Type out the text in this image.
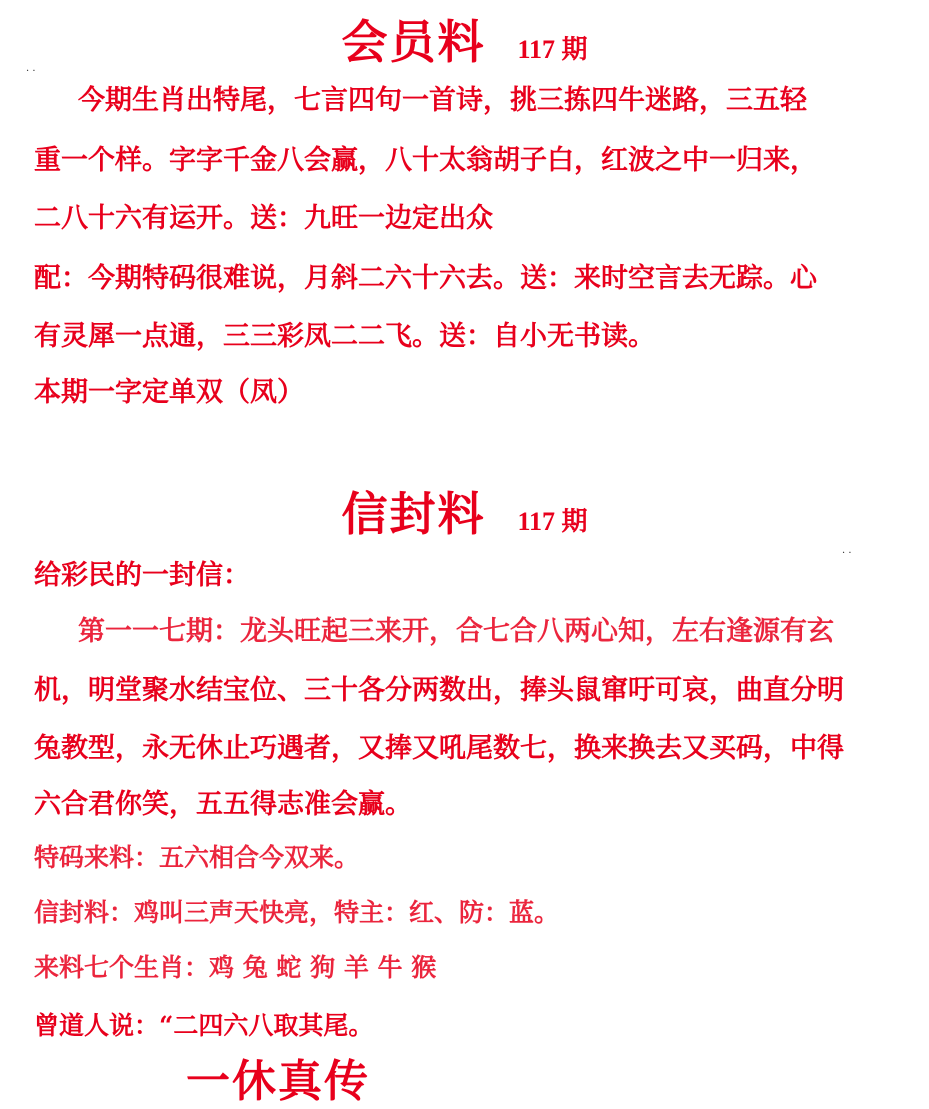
· ·
· ·
会员料 117 期
今期生肖出特尾，七言四句一首诗，挑三拣四牛迷路，三五轻
重一个样。字字千金八会赢，八十太翁胡子白，红波之中一归来，
二八十六有运开。送：九旺一边定出众
配：今期特码很难说，月斜二六十六去。送：来时空言去无踪。心
有灵犀一点通，三三彩凤二二飞。送：自小无书读。
本期一字定单双（凤）
信封料 117 期
给彩民的一封信：
第一一七期：龙头旺起三来开，合七合八两心知，左右逢源有玄
机，明堂聚水结宝位、三十各分两数出，捧头鼠窜吁可哀，曲直分明
兔教型，永无休止巧遇者，又捧又吼尾数七，换来换去又买码，中得
六合君你笑，五五得志准会赢。
特码来料：五六相合今双来。
信封料：鸡叫三声天快亮，特主：红、防：蓝。
来料七个生肖：鸡 兔 蛇 狗 羊 牛 猴
曾道人说：“二四六八取其尾。
一休真传
